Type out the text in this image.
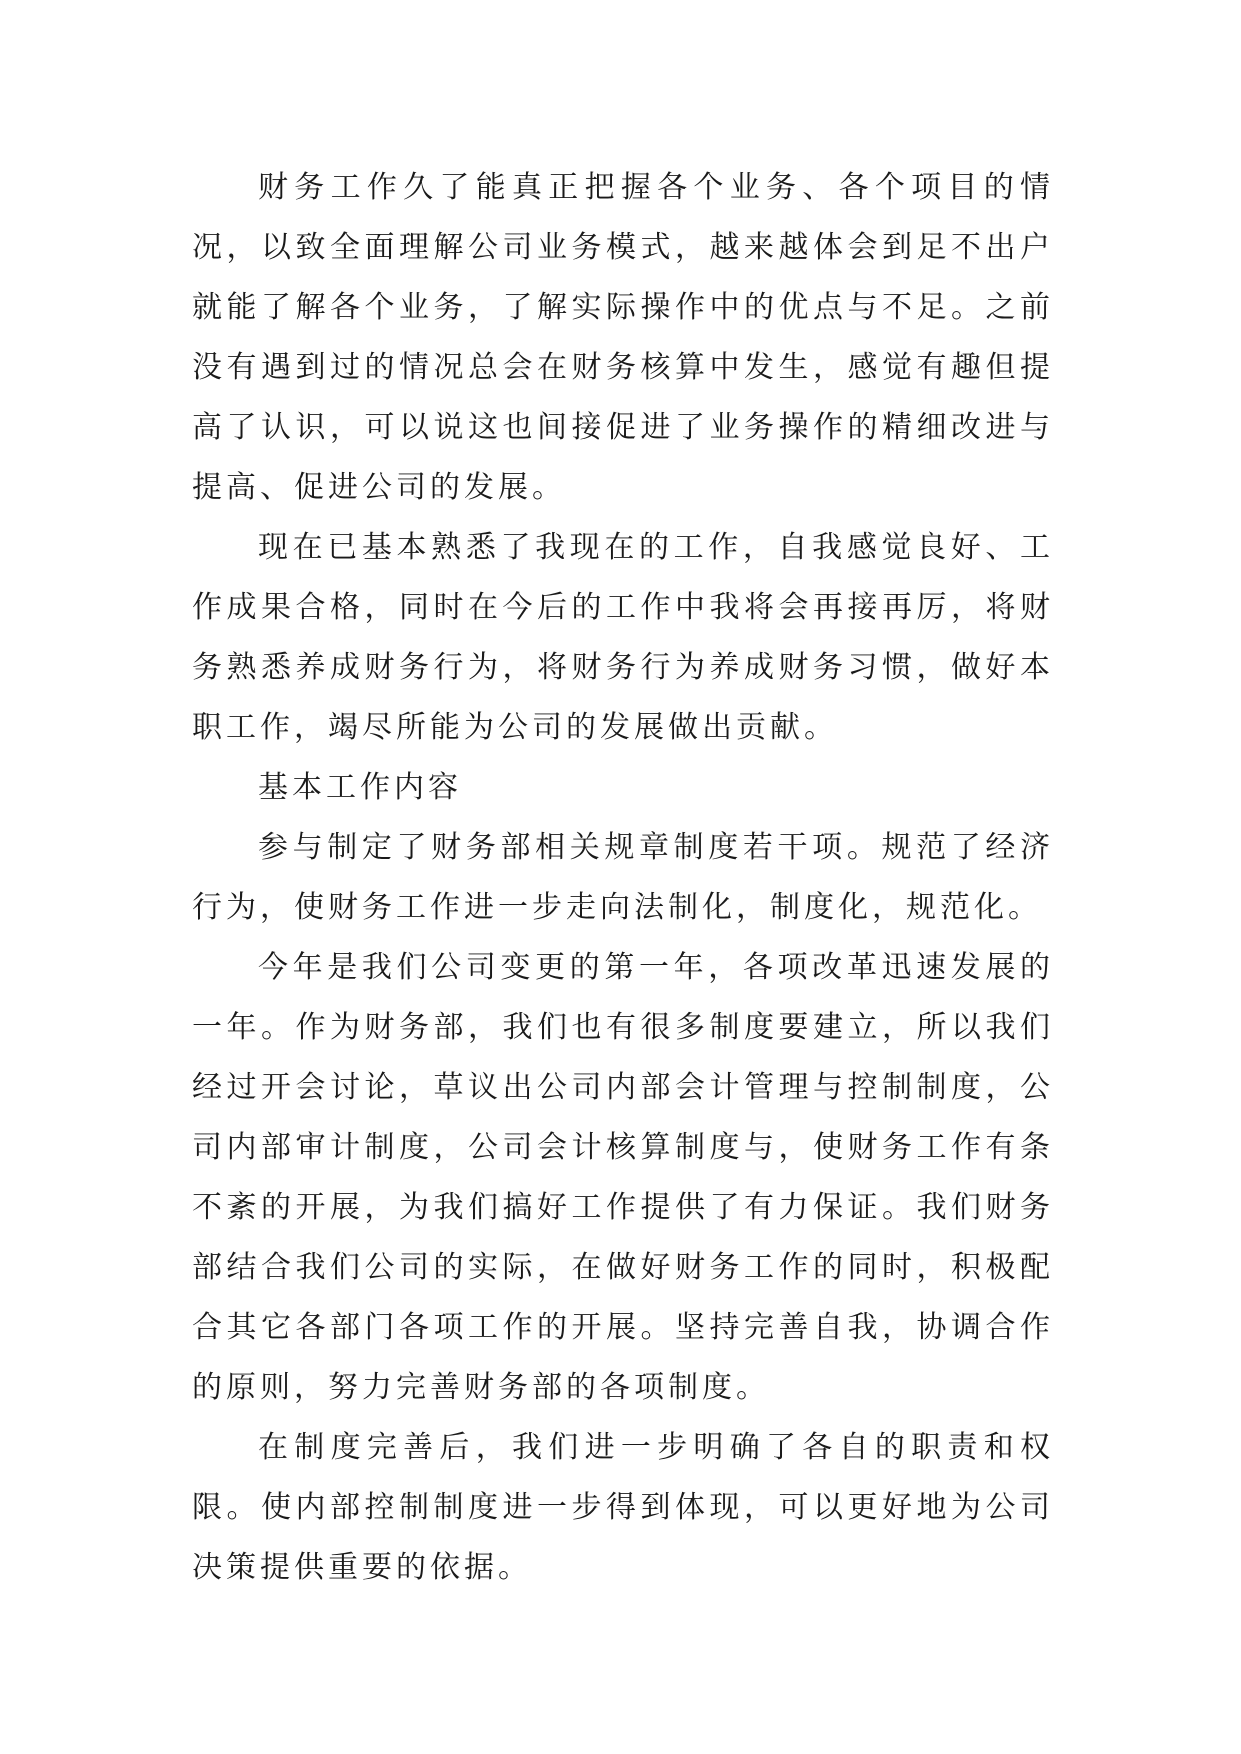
财务工作久了能真正把握各个业务、各个项目的情况，以致全面理解公司业务模式，越来越体会到足不出户就能了解各个业务，了解实际操作中的优点与不足。之前没有遇到过的情况总会在财务核算中发生，感觉有趣但提高了认识，可以说这也间接促进了业务操作的精细改进与提高、促进公司的发展。

现在已基本熟悉了我现在的工作，自我感觉良好、工作成果合格，同时在今后的工作中我将会再接再厉，将财务熟悉养成财务行为，将财务行为养成财务习惯，做好本职工作，竭尽所能为公司的发展做出贡献。

基本工作内容

参与制定了财务部相关规章制度若干项。规范了经济行为，使财务工作进一步走向法制化，制度化，规范化。

今年是我们公司变更的第一年，各项改革迅速发展的一年。作为财务部，我们也有很多制度要建立，所以我们经过开会讨论，草议出公司内部会计管理与控制制度，公司内部审计制度，公司会计核算制度与，使财务工作有条不紊的开展，为我们搞好工作提供了有力保证。我们财务部结合我们公司的实际，在做好财务工作的同时，积极配合其它各部门各项工作的开展。坚持完善自我，协调合作的原则，努力完善财务部的各项制度。

在制度完善后，我们进一步明确了各自的职责和权限。使内部控制制度进一步得到体现，可以更好地为公司决策提供重要的依据。
